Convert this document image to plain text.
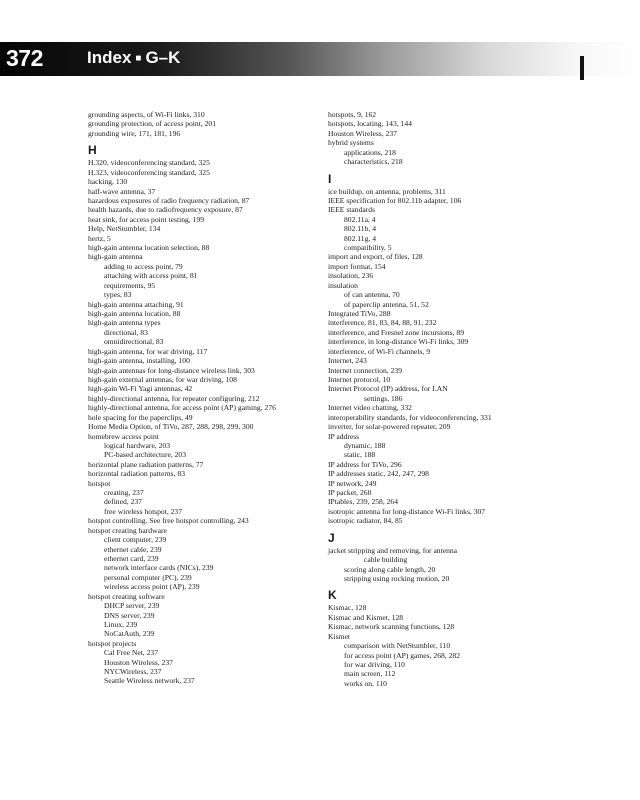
372	Index ■ G–K
grounding aspects, of Wi-Fi links, 310
grounding protection, of access point, 201
grounding wire, 171, 181, 196
H
H.320, videoconferencing standard, 325
H.323, videoconferencing standard, 325
hacking, 130
half-wave antenna, 37
hazardous exposures of radio frequency radiation, 87
health hazards, due to radiofrequency exposure, 87
heat sink, for access point testing, 199
Help, NetStumbler, 134
hertz, 5
high-gain antenna location selection, 88
high-gain antenna
adding to access point, 79
attaching with access point, 81
requirements, 95
types, 83
high-gain antenna attaching, 91
high-gain antenna location, 88
high-gain antenna types
directional, 83
omnidirectional, 83
high-gain antenna, for war driving, 117
high-gain antenna, installing, 100
high-gain antennas for long-distance wireless link, 303
high-gain external antennas, for war driving, 108
high-gain Wi-Fi Yagi antennas, 42
highly-directional antenna, for repeater configuring, 212
highly-directional antenna, for access point (AP) gaming, 276
hole spacing for the paperclips, 49
Home Media Option, of TiVo, 287, 288, 298, 299, 300
homebrew access point
logical hardware, 203
PC-based architecture, 203
horizontal plane radiation patterns, 77
horizontal radiation patterns, 83
hotspot
creating, 237
defined, 237
free wireless hotspot, 237
hotspot controlling. See free hotspot controlling, 243
hotspot creating hardware
client computer, 239
ethernet cable, 239
ethernet card, 239
network interface cards (NICs), 239
personal computer (PC), 239
wireless access point (AP), 239
hotspot creating software
DHCP server, 239
DNS server, 239
Linux, 239
NoCatAuth, 239
hotspot projects
Cal Free Net, 237
Houston Wireless, 237
NYCWireless, 237
Seattle Wireless network, 237
hotspots, 9, 162
hotspots, locating, 143, 144
Houston Wireless, 237
hybrid systems
applications, 218
characteristics, 218
I
ice buildup, on antenna, problems, 311
IEEE specification for 802.11b adapter, 106
IEEE standards
802.11a, 4
802.11b, 4
802.11g, 4
compatibility, 5
import and export, of files, 128
import format, 154
insolation, 236
insulation
of can antenna, 70
of paperclip antenna, 51, 52
Integrated TiVo, 288
interference, 81, 83, 84, 88, 91, 232
interference, and Fresnel zone incursions, 89
interference, in long-distance Wi-Fi links, 309
interference, of Wi-Fi channels, 9
Internet, 243
Internet connection, 239
Internet protocol, 10
Internet Protocol (IP) address, for LAN
settings, 186
Internet video chatting, 332
interoperability standards, for videoconferencing, 331
inverter, for solar-powered repeater, 209
IP address
dynamic, 188
static, 188
IP address for TiVo, 296
IP addresses static, 242, 247, 298
IP network, 249
IP packet, 260
IPtables, 239, 258, 264
isotropic antenna for long-distance Wi-Fi links, 307
isotropic radiator, 84, 85
J
jacket stripping and removing, for antenna
cable building
scoring along cable length, 20
stripping using rocking motion, 20
K
Kismac, 128
Kismac and Kismet, 128
Kismac, network scanning functions, 128
Kismet
comparison with NetStumbler, 110
for access point (AP) games, 268, 282
for war driving, 110
main screen, 112
works on, 110
